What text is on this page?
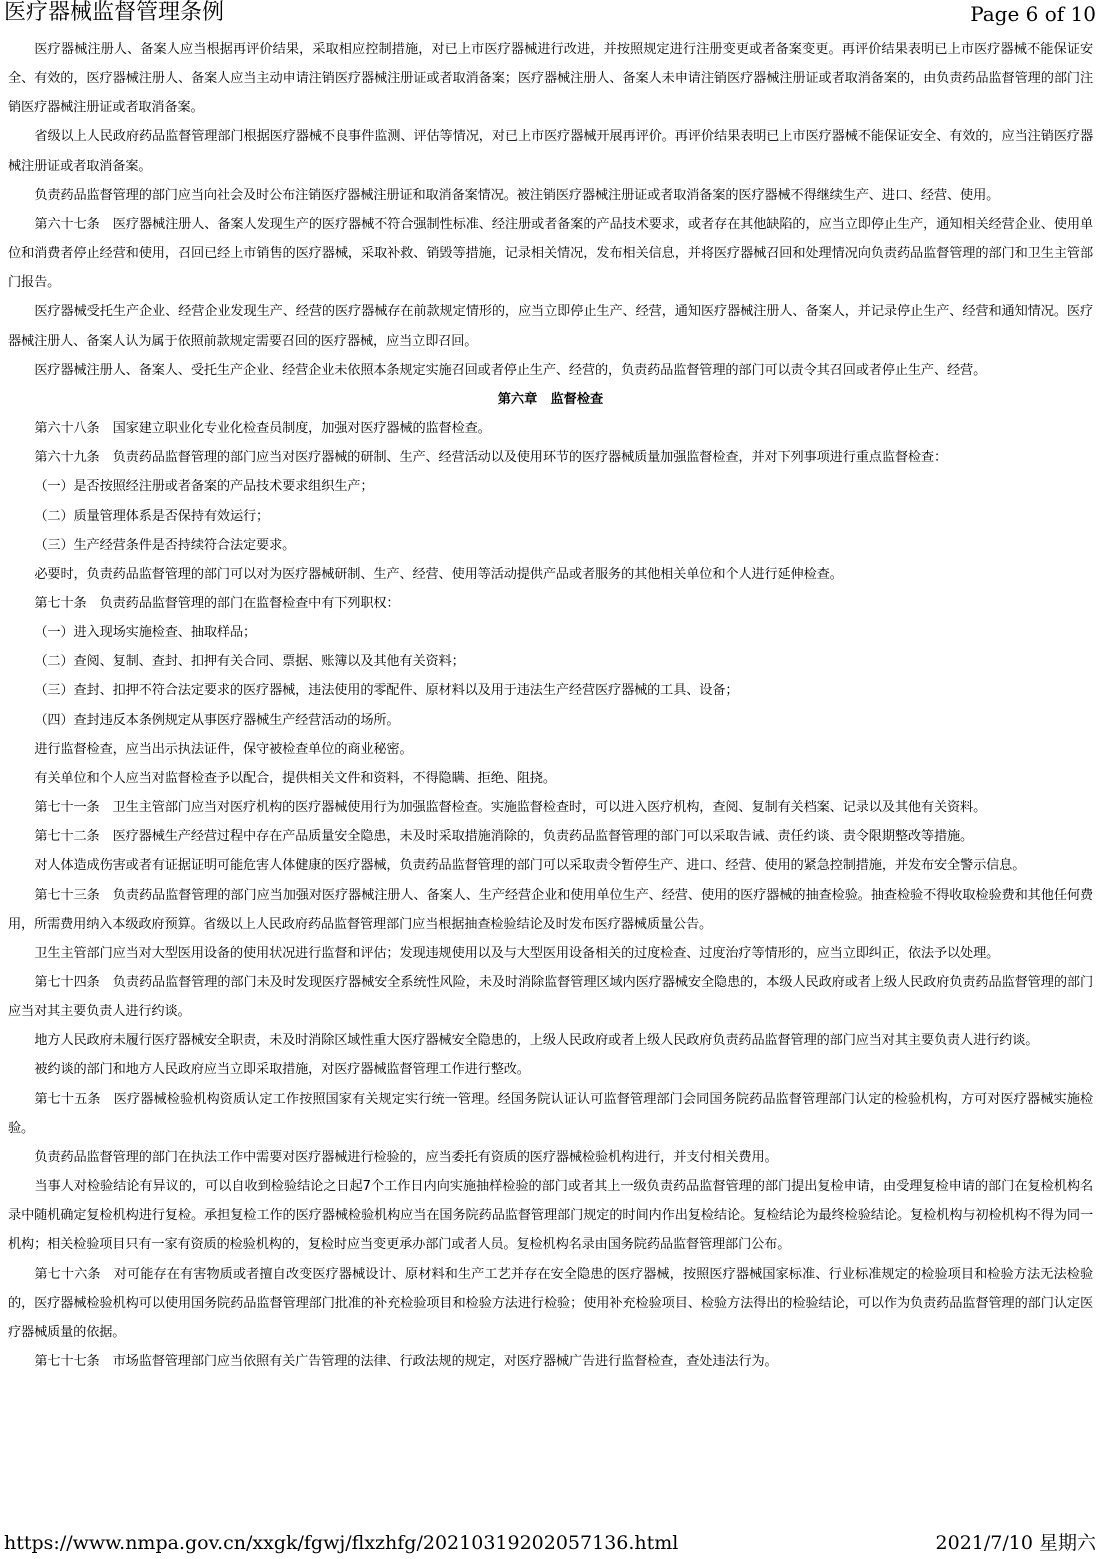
医疗器械监督管理条例	Page 6 of 10

医疗器械注册人、备案人应当根据再评价结果，采取相应控制措施，对已上市医疗器械进行改进，并按照规定进行注册变更或者备案变更。再评价结果表明已上市医疗器械不能保证安全、有效的，医疗器械注册人、备案人应当主动申请注销医疗器械注册证或者取消备案；医疗器械注册人、备案人未申请注销医疗器械注册证或者取消备案的，由负责药品监督管理的部门注销医疗器械注册证或者取消备案。

省级以上人民政府药品监督管理部门根据医疗器械不良事件监测、评估等情况，对已上市医疗器械开展再评价。再评价结果表明已上市医疗器械不能保证安全、有效的，应当注销医疗器械注册证或者取消备案。

负责药品监督管理的部门应当向社会及时公布注销医疗器械注册证和取消备案情况。被注销医疗器械注册证或者取消备案的医疗器械不得继续生产、进口、经营、使用。

第六十七条　医疗器械注册人、备案人发现生产的医疗器械不符合强制性标准、经注册或者备案的产品技术要求，或者存在其他缺陷的，应当立即停止生产，通知相关经营企业、使用单位和消费者停止经营和使用，召回已经上市销售的医疗器械，采取补救、销毁等措施，记录相关情况，发布相关信息，并将医疗器械召回和处理情况向负责药品监督管理的部门和卫生主管部门报告。

医疗器械受托生产企业、经营企业发现生产、经营的医疗器械存在前款规定情形的，应当立即停止生产、经营，通知医疗器械注册人、备案人，并记录停止生产、经营和通知情况。医疗器械注册人、备案人认为属于依照前款规定需要召回的医疗器械，应当立即召回。

医疗器械注册人、备案人、受托生产企业、经营企业未依照本条规定实施召回或者停止生产、经营的，负责药品监督管理的部门可以责令其召回或者停止生产、经营。

第六章　监督检查

第六十八条　国家建立职业化专业化检查员制度，加强对医疗器械的监督检查。

第六十九条　负责药品监督管理的部门应当对医疗器械的研制、生产、经营活动以及使用环节的医疗器械质量加强监督检查，并对下列事项进行重点监督检查：

（一）是否按照经注册或者备案的产品技术要求组织生产；

（二）质量管理体系是否保持有效运行；

（三）生产经营条件是否持续符合法定要求。

必要时，负责药品监督管理的部门可以对为医疗器械研制、生产、经营、使用等活动提供产品或者服务的其他相关单位和个人进行延伸检查。

第七十条　负责药品监督管理的部门在监督检查中有下列职权：

（一）进入现场实施检查、抽取样品；

（二）查阅、复制、查封、扣押有关合同、票据、账簿以及其他有关资料；

（三）查封、扣押不符合法定要求的医疗器械，违法使用的零配件、原材料以及用于违法生产经营医疗器械的工具、设备；

（四）查封违反本条例规定从事医疗器械生产经营活动的场所。

进行监督检查，应当出示执法证件，保守被检查单位的商业秘密。

有关单位和个人应当对监督检查予以配合，提供相关文件和资料，不得隐瞒、拒绝、阻挠。

第七十一条　卫生主管部门应当对医疗机构的医疗器械使用行为加强监督检查。实施监督检查时，可以进入医疗机构，查阅、复制有关档案、记录以及其他有关资料。

第七十二条　医疗器械生产经营过程中存在产品质量安全隐患，未及时采取措施消除的，负责药品监督管理的部门可以采取告诫、责任约谈、责令限期整改等措施。

对人体造成伤害或者有证据证明可能危害人体健康的医疗器械，负责药品监督管理的部门可以采取责令暂停生产、进口、经营、使用的紧急控制措施，并发布安全警示信息。

第七十三条　负责药品监督管理的部门应当加强对医疗器械注册人、备案人、生产经营企业和使用单位生产、经营、使用的医疗器械的抽查检验。抽查检验不得收取检验费和其他任何费用，所需费用纳入本级政府预算。省级以上人民政府药品监督管理部门应当根据抽查检验结论及时发布医疗器械质量公告。

卫生主管部门应当对大型医用设备的使用状况进行监督和评估；发现违规使用以及与大型医用设备相关的过度检查、过度治疗等情形的，应当立即纠正，依法予以处理。

第七十四条　负责药品监督管理的部门未及时发现医疗器械安全系统性风险，未及时消除监督管理区域内医疗器械安全隐患的，本级人民政府或者上级人民政府负责药品监督管理的部门应当对其主要负责人进行约谈。

地方人民政府未履行医疗器械安全职责，未及时消除区域性重大医疗器械安全隐患的，上级人民政府或者上级人民政府负责药品监督管理的部门应当对其主要负责人进行约谈。

被约谈的部门和地方人民政府应当立即采取措施，对医疗器械监督管理工作进行整改。

第七十五条　医疗器械检验机构资质认定工作按照国家有关规定实行统一管理。经国务院认证认可监督管理部门会同国务院药品监督管理部门认定的检验机构，方可对医疗器械实施检验。

负责药品监督管理的部门在执法工作中需要对医疗器械进行检验的，应当委托有资质的医疗器械检验机构进行，并支付相关费用。

当事人对检验结论有异议的，可以自收到检验结论之日起7个工作日内向实施抽样检验的部门或者其上一级负责药品监督管理的部门提出复检申请，由受理复检申请的部门在复检机构名录中随机确定复检机构进行复检。承担复检工作的医疗器械检验机构应当在国务院药品监督管理部门规定的时间内作出复检结论。复检结论为最终检验结论。复检机构与初检机构不得为同一机构；相关检验项目只有一家有资质的检验机构的，复检时应当变更承办部门或者人员。复检机构名录由国务院药品监督管理部门公布。

第七十六条　对可能存在有害物质或者擅自改变医疗器械设计、原材料和生产工艺并存在安全隐患的医疗器械，按照医疗器械国家标准、行业标准规定的检验项目和检验方法无法检验的，医疗器械检验机构可以使用国务院药品监督管理部门批准的补充检验项目和检验方法进行检验；使用补充检验项目、检验方法得出的检验结论，可以作为负责药品监督管理的部门认定医疗器械质量的依据。

第七十七条　市场监督管理部门应当依照有关广告管理的法律、行政法规的规定，对医疗器械广告进行监督检查，查处违法行为。

https://www.nmpa.gov.cn/xxgk/fgwj/flxzhfg/20210319202057136.html	2021/7/10 星期六
